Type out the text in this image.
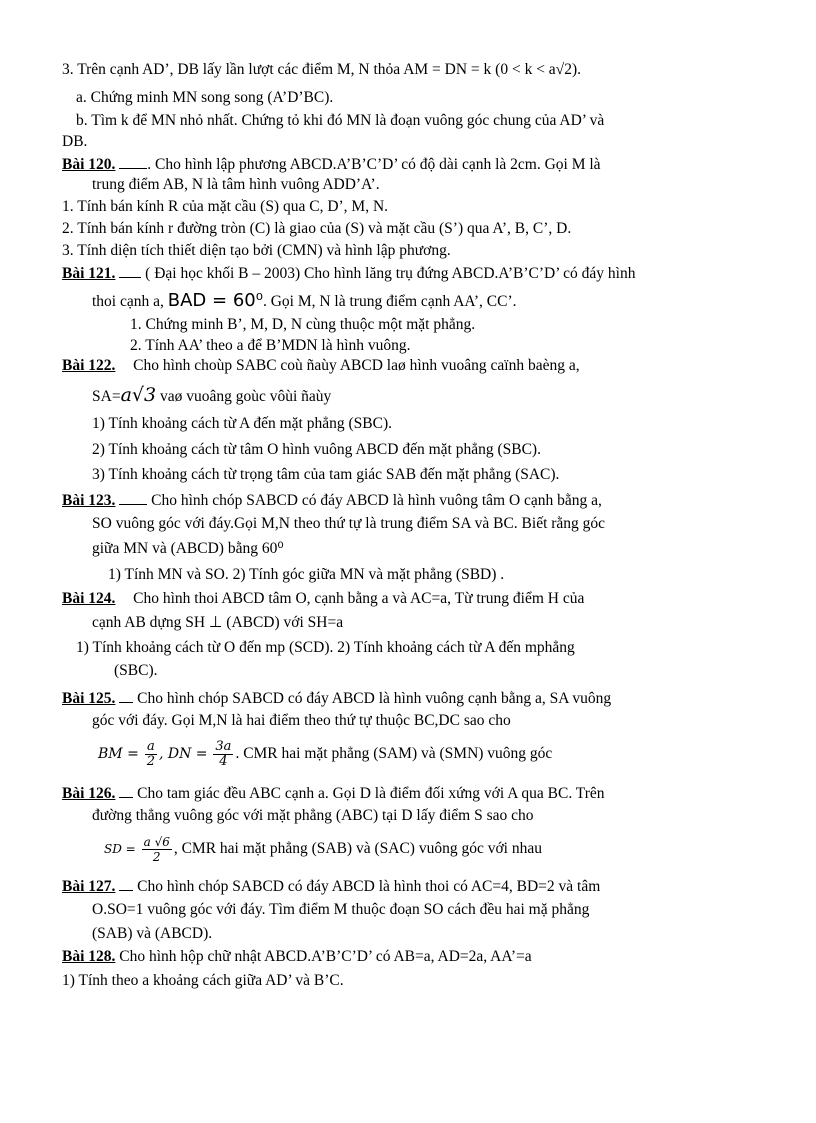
3. Trên cạnh AD’, DB lấy lần lượt các điểm M, N thỏa AM = DN = k (0 < k < a√2).
a. Chứng minh MN song song (A’D’BC).
b. Tìm k để MN nhỏ nhất. Chứng tỏ khi đó MN là đoạn vuông góc chung của AD’ và
DB.
Bài 120. . Cho hình lập phương ABCD.A’B’C’D’ có độ dài cạnh là 2cm. Gọi M là
trung điểm AB, N là tâm hình vuông ADD’A’.
1. Tính bán kính R của mặt cầu (S) qua C, D’, M, N.
2. Tính bán kính r đường tròn (C) là giao của (S) và mặt cầu (S’) qua A’, B, C’, D.
3. Tính diện tích thiết diện tạo bởi (CMN) và hình lập phương.
Bài 121. ( Đại học khối B – 2003) Cho hình lăng trụ đứng ABCD.A’B’C’D’ có đáy hình
thoi cạnh a, BAD = 60⁰. Gọi M, N là trung điểm cạnh AA’, CC’.
1. Chứng minh B’, M, D, N cùng thuộc một mặt phẳng.
2. Tính AA’ theo a để B’MDN là hình vuông.
Bài 122. Cho hình choùp SABC coù ñaùy ABCD laø hình vuoâng caïnh baèng a,
SA=a√3 vaø vuoâng goùc vôùi ñaùy
1) Tính khoảng cách từ A đến mặt phẳng (SBC).
2) Tính khoảng cách từ tâm O hình vuông ABCD đến mặt phẳng (SBC).
3) Tính khoảng cách từ trọng tâm của tam giác SAB đến mặt phẳng (SAC).
Bài 123. Cho hình chóp SABCD có đáy ABCD là hình vuông tâm O cạnh bằng a,
SO vuông góc với đáy.Gọi M,N theo thứ tự là trung điểm SA và BC. Biết rằng góc
giữa MN và (ABCD) bằng 60⁰
1) Tính MN và SO. 2) Tính góc giữa MN và mặt phẳng (SBD) .
Bài 124. Cho hình thoi ABCD tâm O, cạnh bằng a và AC=a, Từ trung điểm H của
cạnh AB dựng SH ⊥ (ABCD) với SH=a
1) Tính khoảng cách từ O đến mp (SCD). 2) Tính khoảng cách từ A đến mphẳng
(SBC).
Bài 125. Cho hình chóp SABCD có đáy ABCD là hình vuông cạnh bằng a, SA vuông
góc với đáy. Gọi M,N là hai điểm theo thứ tự thuộc BC,DC sao cho
BM = $\frac{a}{2}$ , DN = $\frac{3a}{4}$ . CMR hai mặt phẳng (SAM) và (SMN) vuông góc
Bài 126. Cho tam giác đều ABC cạnh a. Gọi D là điểm đối xứng với A qua BC. Trên
đường thẳng vuông góc với mặt phẳng (ABC) tại D lấy điểm S sao cho
SD = $\frac{a √6}{2}$ , CMR hai mặt phẳng (SAB) và (SAC) vuông góc với nhau
Bài 127. Cho hình chóp SABCD có đáy ABCD là hình thoi có AC=4, BD=2 và tâm
O.SO=1 vuông góc với đáy. Tìm điểm M thuộc đoạn SO cách đều hai mặ phẳng
(SAB) và (ABCD).
Bài 128. Cho hình hộp chữ nhật ABCD.A’B’C’D’ có AB=a, AD=2a, AA’=a
1) Tính theo a khoảng cách giữa AD’ và B’C.
